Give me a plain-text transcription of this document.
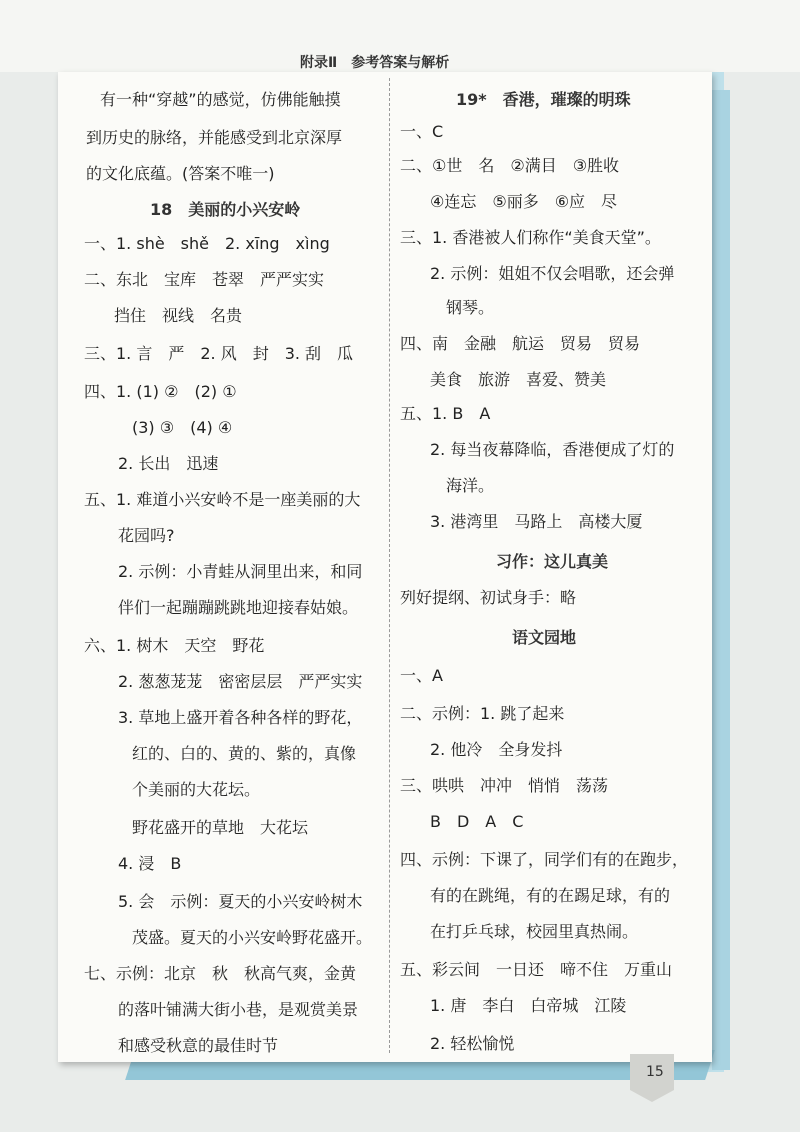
附录Ⅱ　参考答案与解析
有一种“穿越”的感觉，仿佛能触摸
到历史的脉络，并能感受到北京深厚
的文化底蕴。(答案不唯一)
18　美丽的小兴安岭
一、1. shè　shě　2. xīng　xìng
二、东北　宝库　苍翠　严严实实
挡住　视线　名贵
三、1. 言　严　2. 风　封　3. 刮　瓜
四、1. (1) ②　(2) ①
(3) ③　(4) ④
2. 长出　迅速
五、1. 难道小兴安岭不是一座美丽的大
花园吗?
2. 示例：小青蛙从洞里出来，和同
伴们一起蹦蹦跳跳地迎接春姑娘。
六、1. 树木　天空　野花
2. 葱葱茏茏　密密层层　严严实实
3. 草地上盛开着各种各样的野花，
红的、白的、黄的、紫的，真像
个美丽的大花坛。
野花盛开的草地　大花坛
4. 浸　B
5. 会　示例：夏天的小兴安岭树木
茂盛。夏天的小兴安岭野花盛开。
七、示例：北京　秋　秋高气爽，金黄
的落叶铺满大街小巷，是观赏美景
和感受秋意的最佳时节
19*　香港，璀璨的明珠
一、C
二、①世　名　②满目　③胜收
④连忘　⑤丽多　⑥应　尽
三、1. 香港被人们称作“美食天堂”。
2. 示例：姐姐不仅会唱歌，还会弹
钢琴。
四、南　金融　航运　贸易　贸易
美食　旅游　喜爱、赞美
五、1. B　A
2. 每当夜幕降临，香港便成了灯的
海洋。
3. 港湾里　马路上　高楼大厦
习作：这儿真美
列好提纲、初试身手：略
语文园地
一、A
二、示例：1. 跳了起来
2. 他冷　全身发抖
三、哄哄　冲冲　悄悄　荡荡
B　D　A　C
四、示例：下课了，同学们有的在跑步，
有的在跳绳，有的在踢足球，有的
在打乒乓球，校园里真热闹。
五、彩云间　一日还　啼不住　万重山
1. 唐　李白　白帝城　江陵
2. 轻松愉悦
15
